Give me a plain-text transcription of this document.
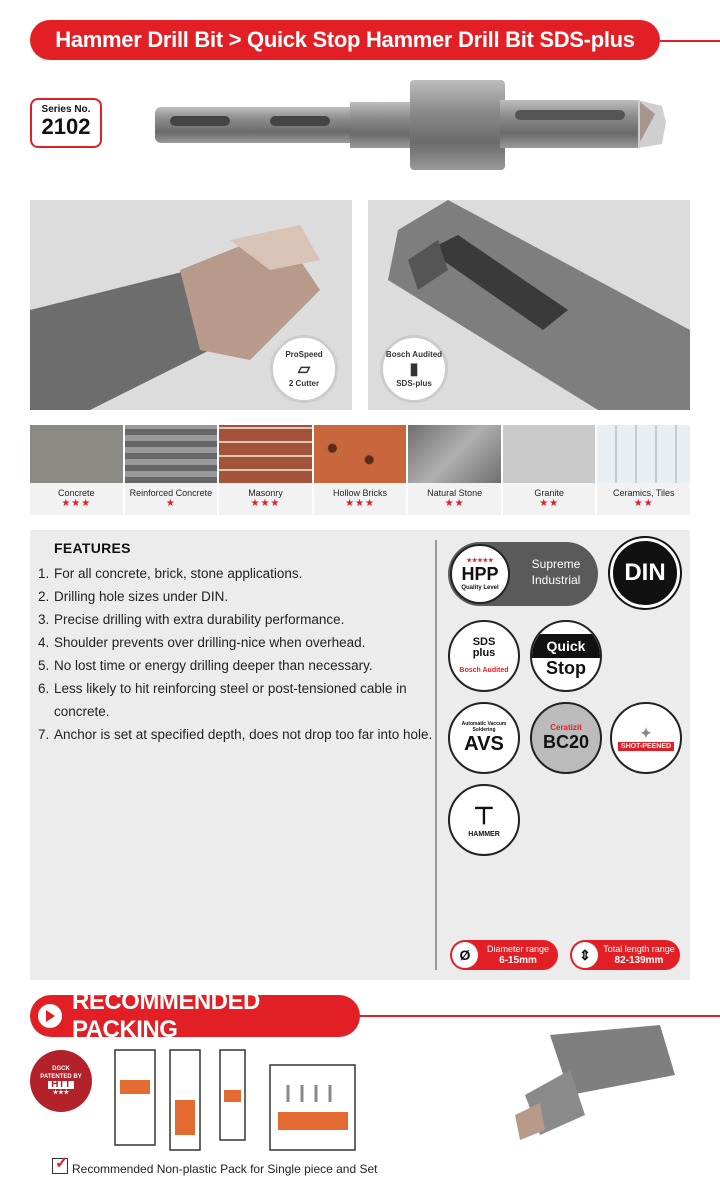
Hammer Drill Bit > Quick Stop Hammer Drill Bit SDS-plus
Series No.
2102
ProSpeed
▱
2 Cutter
Bosch Audited
▮
SDS-plus
Concrete
★★★
Reinforced Concrete
★
Masonry
★★★
Hollow Bricks
★★★
Natural Stone
★★
Granite
★★
Ceramics, Tiles
★★
FEATURES
1. For all concrete, brick, stone applications.
2. Drilling hole sizes under DIN.
3. Precise drilling with extra durability performance.
4. Shoulder prevents over drilling-nice when overhead.
5. No lost time or energy drilling deeper than necessary.
6. Less likely to hit reinforcing steel or post-tensioned cable in concrete.
7. Anchor is set at specified depth, does not drop too far into hole.
★★★★★
HPP
Quality Level
Supreme
Industrial	DIN
SDS
plus
Bosch Audited
Quick
Stop
Automatic Vaccum Soldering
AVS
Ceratizit
BC20	✦
SHOT-PEENED
⊤
HAMMER
Ø	Diameter range
6-15mm	⇕	Total length range
82-139mm
RECOMMENDED PACKING
DGCK
PATENTED BY
HTT
★★★
✓ Recommended Non-plastic Pack for Single piece and Set
